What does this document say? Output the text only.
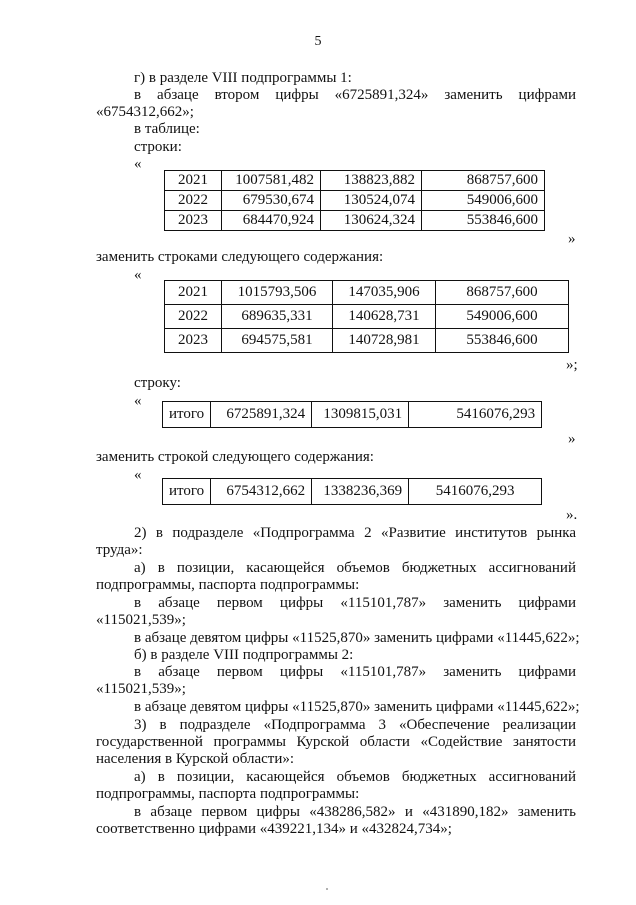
5
г) в разделе VIII подпрограммы 1:
в абзаце втором цифры «6725891,324» заменить цифрами
«6754312,662»;
в таблице:
строки:
«
2021	1007581,482	138823,882	868757,600
2022	679530,674	130524,074	549006,600
2023	684470,924	130624,324	553846,600
»
заменить строками следующего содержания:
«
2021	1015793,506	147035,906	868757,600
2022	689635,331	140628,731	549006,600
2023	694575,581	140728,981	553846,600
»;
строку:
«
итого	6725891,324	1309815,031	5416076,293
»
заменить строкой следующего содержания:
«
итого	6754312,662	1338236,369	5416076,293
».
2) в подразделе «Подпрограмма 2 «Развитие институтов рынка
труда»:
а) в позиции, касающейся объемов бюджетных ассигнований
подпрограммы, паспорта подпрограммы:
в абзаце первом цифры «115101,787» заменить цифрами
«115021,539»;
в абзаце девятом цифры «11525,870» заменить цифрами «11445,622»;
б) в разделе VIII подпрограммы 2:
в абзаце первом цифры «115101,787» заменить цифрами
«115021,539»;
в абзаце девятом цифры «11525,870» заменить цифрами «11445,622»;
3) в подразделе «Подпрограмма 3 «Обеспечение реализации
государственной программы Курской области «Содействие занятости
населения в Курской области»:
а) в позиции, касающейся объемов бюджетных ассигнований
подпрограммы, паспорта подпрограммы:
в абзаце первом цифры «438286,582» и «431890,182» заменить
соответственно цифрами «439221,134» и «432824,734»;
